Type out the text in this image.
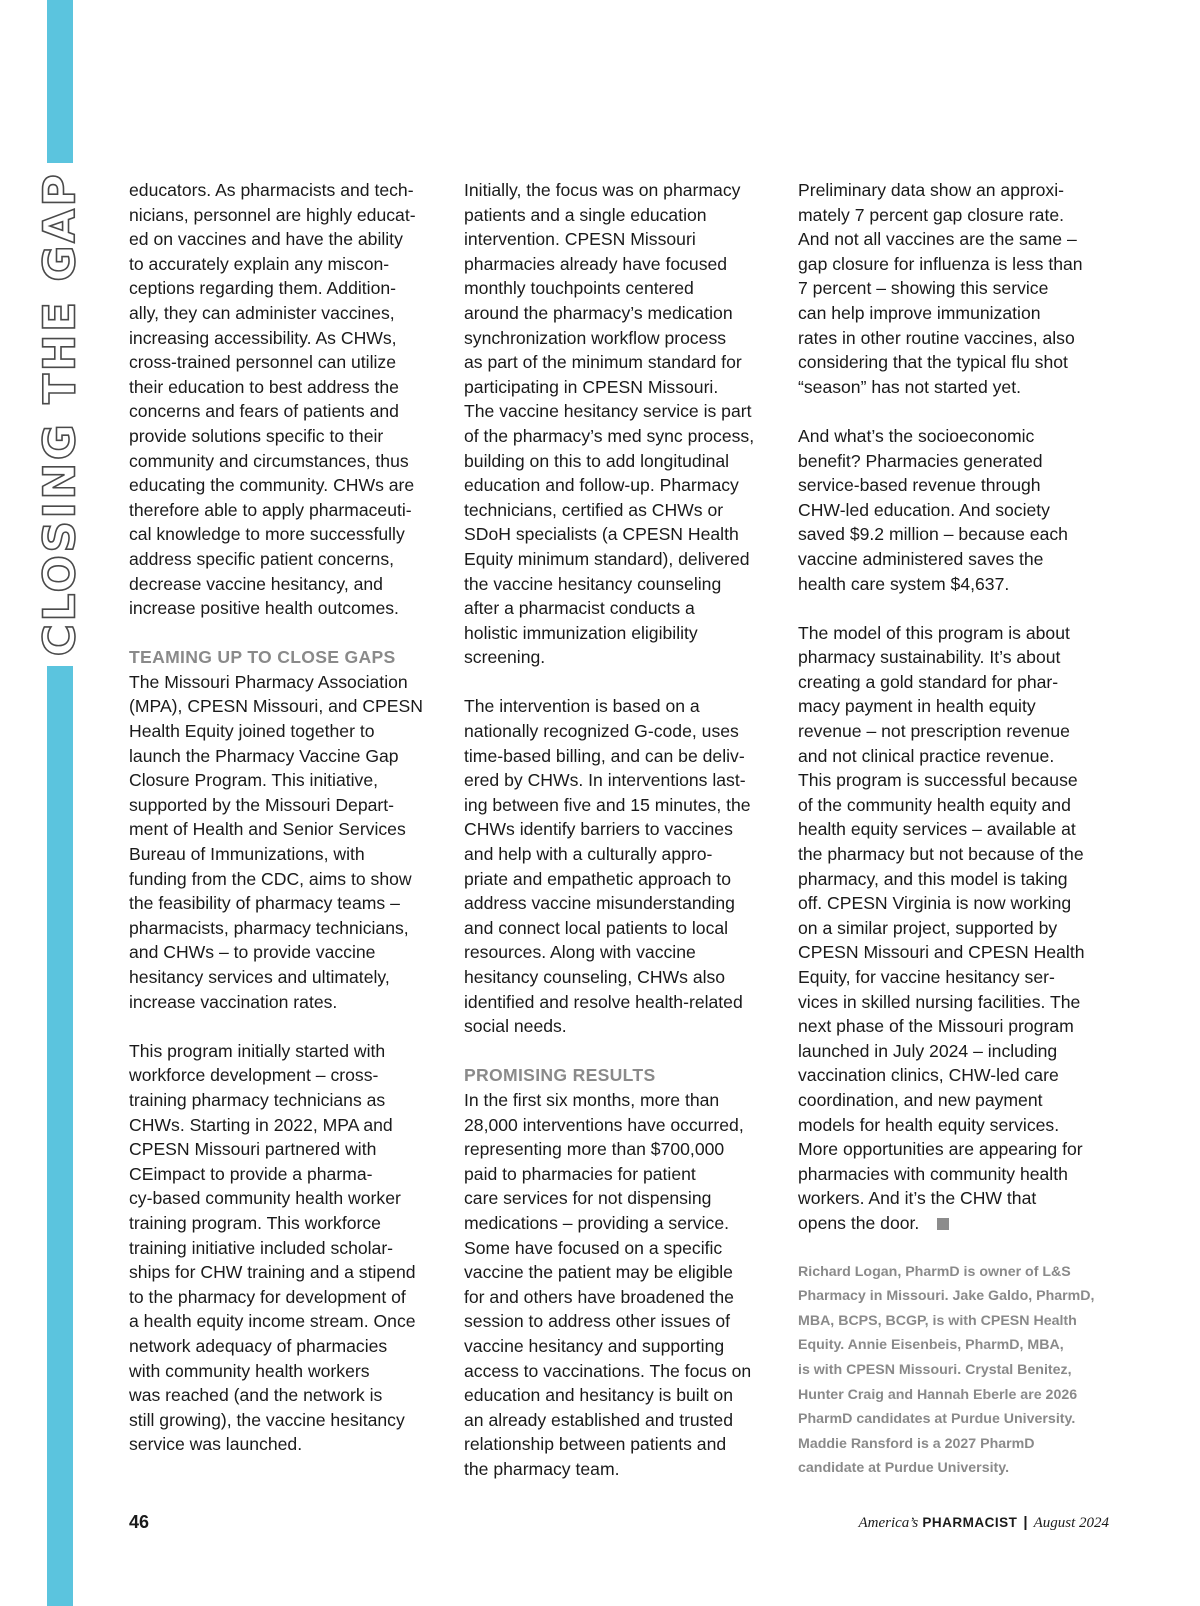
CLOSING THE GAP educators. As pharmacists and tech-
nicians, personnel are highly educat-
ed on vaccines and have the ability
to accurately explain any miscon-
ceptions regarding them. Addition-
ally, they can administer vaccines,
increasing accessibility. As CHWs,
cross-trained personnel can utilize
their education to best address the
concerns and fears of patients and
provide solutions specific to their
community and circumstances, thus
educating the community. CHWs are
therefore able to apply pharmaceuti-
cal knowledge to more successfully
address specific patient concerns,
decrease vaccine hesitancy, and
increase positive health outcomes.

TEAMING UP TO CLOSE GAPS

The Missouri Pharmacy Association
(MPA), CPESN Missouri, and CPESN
Health Equity joined together to
launch the Pharmacy Vaccine Gap
Closure Program. This initiative,
supported by the Missouri Depart-
ment of Health and Senior Services
Bureau of Immunizations, with
funding from the CDC, aims to show
the feasibility of pharmacy teams –
pharmacists, pharmacy technicians,
and CHWs – to provide vaccine
hesitancy services and ultimately,
increase vaccination rates.

This program initially started with
workforce development – cross-
training pharmacy technicians as
CHWs. Starting in 2022, MPA and
CPESN Missouri partnered with
CEimpact to provide a pharma-
cy-based community health worker
training program. This workforce
training initiative included scholar-
ships for CHW training and a stipend
to the pharmacy for development of
a health equity income stream. Once
network adequacy of pharmacies
with community health workers
was reached (and the network is
still growing), the vaccine hesitancy
service was launched.

Initially, the focus was on pharmacy
patients and a single education
intervention. CPESN Missouri
pharmacies already have focused
monthly touchpoints centered
around the pharmacy’s medication
synchronization workflow process
as part of the minimum standard for
participating in CPESN Missouri.
The vaccine hesitancy service is part
of the pharmacy’s med sync process,
building on this to add longitudinal
education and follow-up. Pharmacy
technicians, certified as CHWs or
SDoH specialists (a CPESN Health
Equity minimum standard), delivered
the vaccine hesitancy counseling
after a pharmacist conducts a
holistic immunization eligibility
screening.

The intervention is based on a
nationally recognized G-code, uses
time-based billing, and can be deliv-
ered by CHWs. In interventions last-
ing between five and 15 minutes, the
CHWs identify barriers to vaccines
and help with a culturally appro-
priate and empathetic approach to
address vaccine misunderstanding
and connect local patients to local
resources. Along with vaccine
hesitancy counseling, CHWs also
identified and resolve health-related
social needs.

PROMISING RESULTS

In the first six months, more than
28,000 interventions have occurred,
representing more than $700,000
paid to pharmacies for patient
care services for not dispensing
medications – providing a service.
Some have focused on a specific
vaccine the patient may be eligible
for and others have broadened the
session to address other issues of
vaccine hesitancy and supporting
access to vaccinations. The focus on
education and hesitancy is built on
an already established and trusted
relationship between patients and
the pharmacy team.

Preliminary data show an approxi-
mately 7 percent gap closure rate.
And not all vaccines are the same –
gap closure for influenza is less than
7 percent – showing this service
can help improve immunization
rates in other routine vaccines, also
considering that the typical flu shot
“season” has not started yet.

And what’s the socioeconomic
benefit? Pharmacies generated
service-based revenue through
CHW-led education. And society
saved $9.2 million – because each
vaccine administered saves the
health care system $4,637.

The model of this program is about
pharmacy sustainability. It’s about
creating a gold standard for phar-
macy payment in health equity
revenue – not prescription revenue
and not clinical practice revenue.
This program is successful because
of the community health equity and
health equity services – available at
the pharmacy but not because of the
pharmacy, and this model is taking
off. CPESN Virginia is now working
on a similar project, supported by
CPESN Missouri and CPESN Health
Equity, for vaccine hesitancy ser-
vices in skilled nursing facilities. The
next phase of the Missouri program
launched in July 2024 – including
vaccination clinics, CHW-led care
coordination, and new payment
models for health equity services.
More opportunities are appearing for
pharmacies with community health
workers. And it’s the CHW that
opens the door.

Richard Logan, PharmD is owner of L&S
Pharmacy in Missouri. Jake Galdo, PharmD,
MBA, BCPS, BCGP, is with CPESN Health
Equity. Annie Eisenbeis, PharmD, MBA,
is with CPESN Missouri. Crystal Benitez,
Hunter Craig and Hannah Eberle are 2026
PharmD candidates at Purdue University.
Maddie Ransford is a 2027 PharmD
candidate at Purdue University.

46	America’s PHARMACIST | August 2024
